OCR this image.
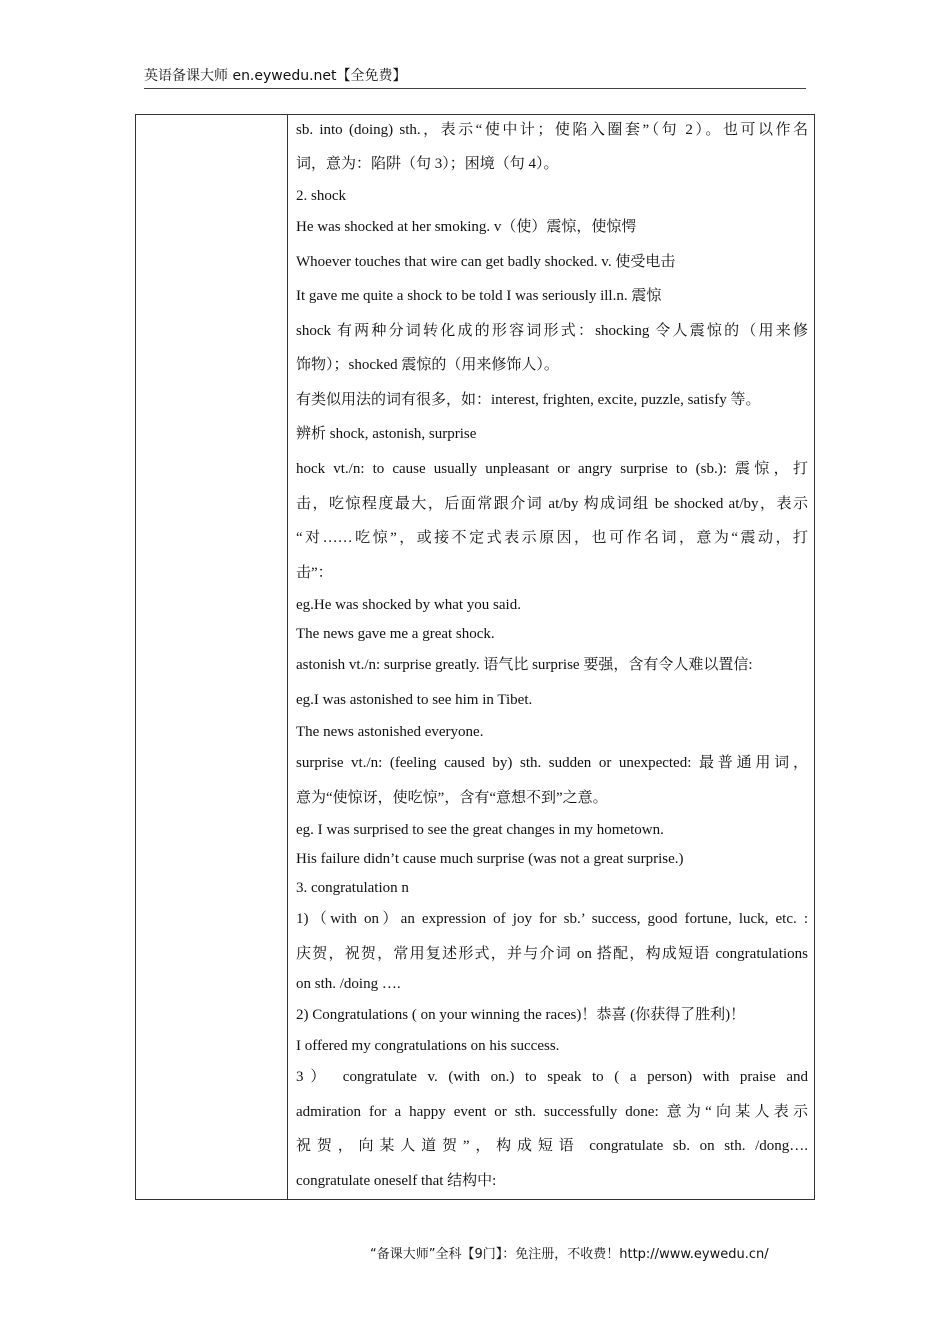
英语备课大师 en.eywedu.net【全免费】
sb. into (doing) sth.，表示“使中计；使陷入圈套”（句 2）。也可以作名
词，意为：陷阱（句 3）；困境（句 4）。
2. shock
He was shocked at her smoking. v（使）震惊，使惊愕
Whoever touches that wire can get badly shocked. v. 使受电击
It gave me quite a shock to be told I was seriously ill.n. 震惊
shock 有两种分词转化成的形容词形式：shocking 令人震惊的（用来修
饰物）；shocked 震惊的（用来修饰人）。
有类似用法的词有很多，如：interest, frighten, excite, puzzle, satisfy 等。
辨析 shock, astonish, surprise
hock vt./n: to cause usually unpleasant or angry surprise to (sb.): 震惊，打
击，吃惊程度最大，后面常跟介词 at/by 构成词组 be shocked at/by，表示
“对……吃惊”，或接不定式表示原因，也可作名词，意为“震动，打
击”：
eg.He was shocked by what you said.
The news gave me a great shock.
astonish vt./n: surprise greatly. 语气比 surprise 要强，含有令人难以置信:
eg.I was astonished to see him in Tibet.
The news astonished everyone.
surprise vt./n: (feeling caused by) sth. sudden or unexpected: 最普通用词，
意为“使惊讶，使吃惊”，含有“意想不到”之意。
eg. I was surprised to see the great changes in my hometown.
His failure didn’t cause much surprise (was not a great surprise.)
3. congratulation n
1)（with on）an expression of joy for sb.’ success, good fortune, luck, etc. :
庆贺，祝贺，常用复述形式，并与介词 on 搭配，构成短语 congratulations
on sth. /doing ….
2) Congratulations ( on your winning the races)！恭喜 (你获得了胜利)！
I offered my congratulations on his success.
3） congratulate v. (with on.) to speak to ( a person) with praise and
admiration for a happy event or sth. successfully done: 意为“向某人表示
祝贺，向某人道贺”，构成短语 congratulate sb. on sth. /dong….
congratulate oneself that 结构中:
“备课大师”全科【9门】：免注册，不收费！http://www.eywedu.cn/
